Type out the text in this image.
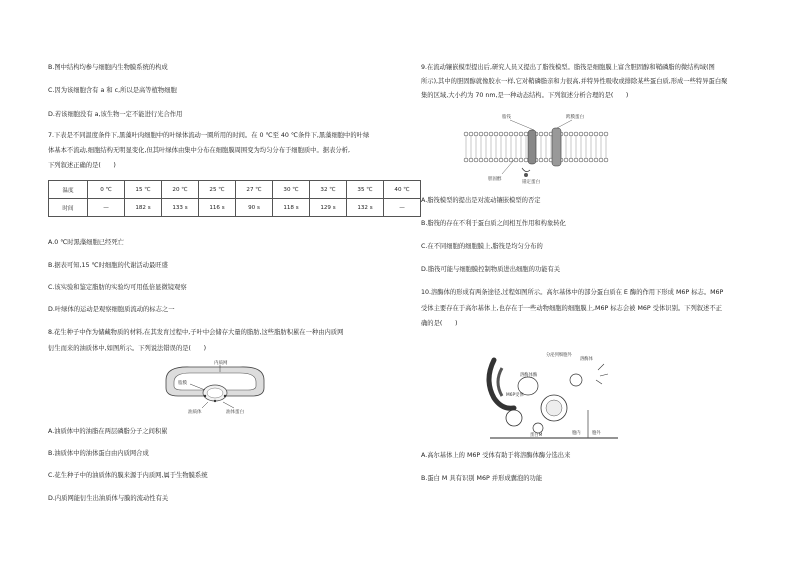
B.图中结构均参与细胞内生物膜系统的构成
C.因为该细胞含有 a 和 c,所以是高等植物细胞
D.若该细胞没有 a,该生物一定不能进行光合作用
7.下表是不同温度条件下,黑藻叶肉细胞中的叶绿体流动一圈所用的时间。在 0 ℃至 40 ℃条件下,黑藻细胞中的叶绿
体基本不流动,细胞结构无明显变化,但其叶绿体由集中分布在细胞膜周围变为均匀分布于细胞质中。据表分析,
下列叙述正确的是(　　)
温度	0 ℃	15 ℃	20 ℃	25 ℃	27 ℃	30 ℃	32 ℃	35 ℃	40 ℃
时间	—	182 s	133 s	116 s	90 s	118 s	129 s	132 s	—
A.0 ℃时黑藻细胞已经死亡
B.据表可知,15 ℃时细胞的代谢活动最旺盛
C.该实验和鉴定脂肪的实验均可用低倍显微镜观察
D.叶绿体的运动是观察细胞质流动的标志之一
8.花生种子中作为储藏物质的材料,在其发育过程中,子叶中会储存大量的脂肪,这些脂肪积累在一种由内质网
衍生而来的油质体中,如图所示。下列说法错误的是(　　)
内质网
脂膜
油质体	油体蛋白
A.油质体中的油脂在两层磷脂分子之间积累
B.油质体中的油体蛋白由内质网合成
C.花生种子中的油质体的膜来源于内质网,属于生物膜系统
D.内质网能衍生出油质体与膜的流动性有关
9.在流动镶嵌模型提出后,研究人员又提出了脂筏模型。脂筏是细胞膜上富含胆固醇和鞘磷脂的微结构域(图
所示),其中的胆固醇就像胶水一样,它对鞘磷脂亲和力很高,并特异性吸收或排除某些蛋白质,形成一些特异蛋白聚
集的区域,大小约为 70 nm,是一种动态结构。下列叙述分析合理的是(　　)
脂筏	跨膜蛋白
胆固醇
锚定蛋白
A.脂筏模型的提出是对流动镶嵌模型的否定
B.脂筏的存在不利于蛋白质之间相互作用和构象转化
C.在不同细胞的细胞膜上,脂筏是均匀分布的
D.脂筏可能与细胞膜控制物质进出细胞的功能有关
10.溶酶体的形成有两条途径,过程如图所示。高尔基体中的部分蛋白质在 E 酶的作用下形成 M6P 标志。M6P
受体主要存在于高尔基体上,也存在于一些动物细胞的细胞膜上,M6P 标志会被 M6P 受体识别。下列叙述不正
确的是(　　)
分泌到细胞外
溶酶体酶
M6P受体
溶酶体
蛋白M	胞内	胞外
A.高尔基体上的 M6P 受体有助于将溶酶体酶分选出来
B.蛋白 M 具有识别 M6P 并形成囊泡的功能
